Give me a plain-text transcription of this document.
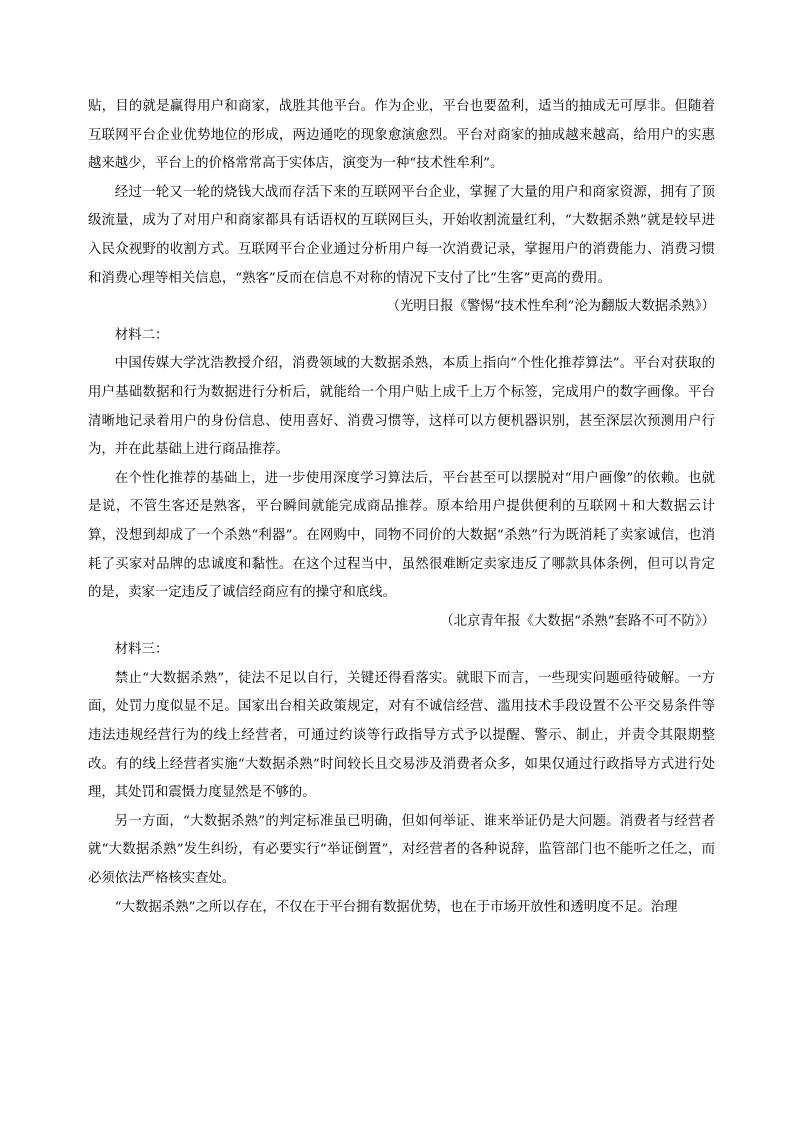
贴，目的就是赢得用户和商家，战胜其他平台。作为企业，平台也要盈利，适当的抽成无可厚非。但随着互联网平台企业优势地位的形成，两边通吃的现象愈演愈烈。平台对商家的抽成越来越高，给用户的实惠越来越少，平台上的价格常常高于实体店，演变为一种“技术性牟利”。

经过一轮又一轮的烧钱大战而存活下来的互联网平台企业，掌握了大量的用户和商家资源，拥有了顶级流量，成为了对用户和商家都具有话语权的互联网巨头，开始收割流量红利，“大数据杀熟”就是较早进入民众视野的收割方式。互联网平台企业通过分析用户每一次消费记录，掌握用户的消费能力、消费习惯和消费心理等相关信息，“熟客”反而在信息不对称的情况下支付了比“生客”更高的费用。

（光明日报《警惕“技术性牟利”沦为翻版大数据杀熟》）

材料二：

中国传媒大学沈浩教授介绍，消费领域的大数据杀熟，本质上指向“个性化推荐算法”。平台对获取的用户基础数据和行为数据进行分析后，就能给一个用户贴上成千上万个标签，完成用户的数字画像。平台清晰地记录着用户的身份信息、使用喜好、消费习惯等，这样可以方便机器识别，甚至深层次预测用户行为，并在此基础上进行商品推荐。

在个性化推荐的基础上，进一步使用深度学习算法后，平台甚至可以摆脱对“用户画像”的依赖。也就是说，不管生客还是熟客，平台瞬间就能完成商品推荐。原本给用户提供便利的互联网＋和大数据云计算，没想到却成了一个杀熟“利器”。在网购中，同物不同价的大数据“杀熟”行为既消耗了卖家诚信，也消耗了买家对品牌的忠诚度和黏性。在这个过程当中，虽然很难断定卖家违反了哪款具体条例，但可以肯定的是，卖家一定违反了诚信经商应有的操守和底线。

（北京青年报《大数据“杀熟”套路不可不防》）

材料三：

禁止“大数据杀熟”，徒法不足以自行，关键还得看落实。就眼下而言，一些现实问题亟待破解。一方面，处罚力度似显不足。国家出台相关政策规定，对有不诚信经营、滥用技术手段设置不公平交易条件等违法违规经营行为的线上经营者，可通过约谈等行政指导方式予以提醒、警示、制止，并责令其限期整改。有的线上经营者实施“大数据杀熟”时间较长且交易涉及消费者众多，如果仅通过行政指导方式进行处理，其处罚和震慑力度显然是不够的。

另一方面，“大数据杀熟”的判定标准虽已明确，但如何举证、谁来举证仍是大问题。消费者与经营者就“大数据杀熟”发生纠纷，有必要实行“举证倒置”，对经营者的各种说辞，监管部门也不能听之任之，而必须依法严格核实查处。

“大数据杀熟”之所以存在，不仅在于平台拥有数据优势，也在于市场开放性和透明度不足。治理
